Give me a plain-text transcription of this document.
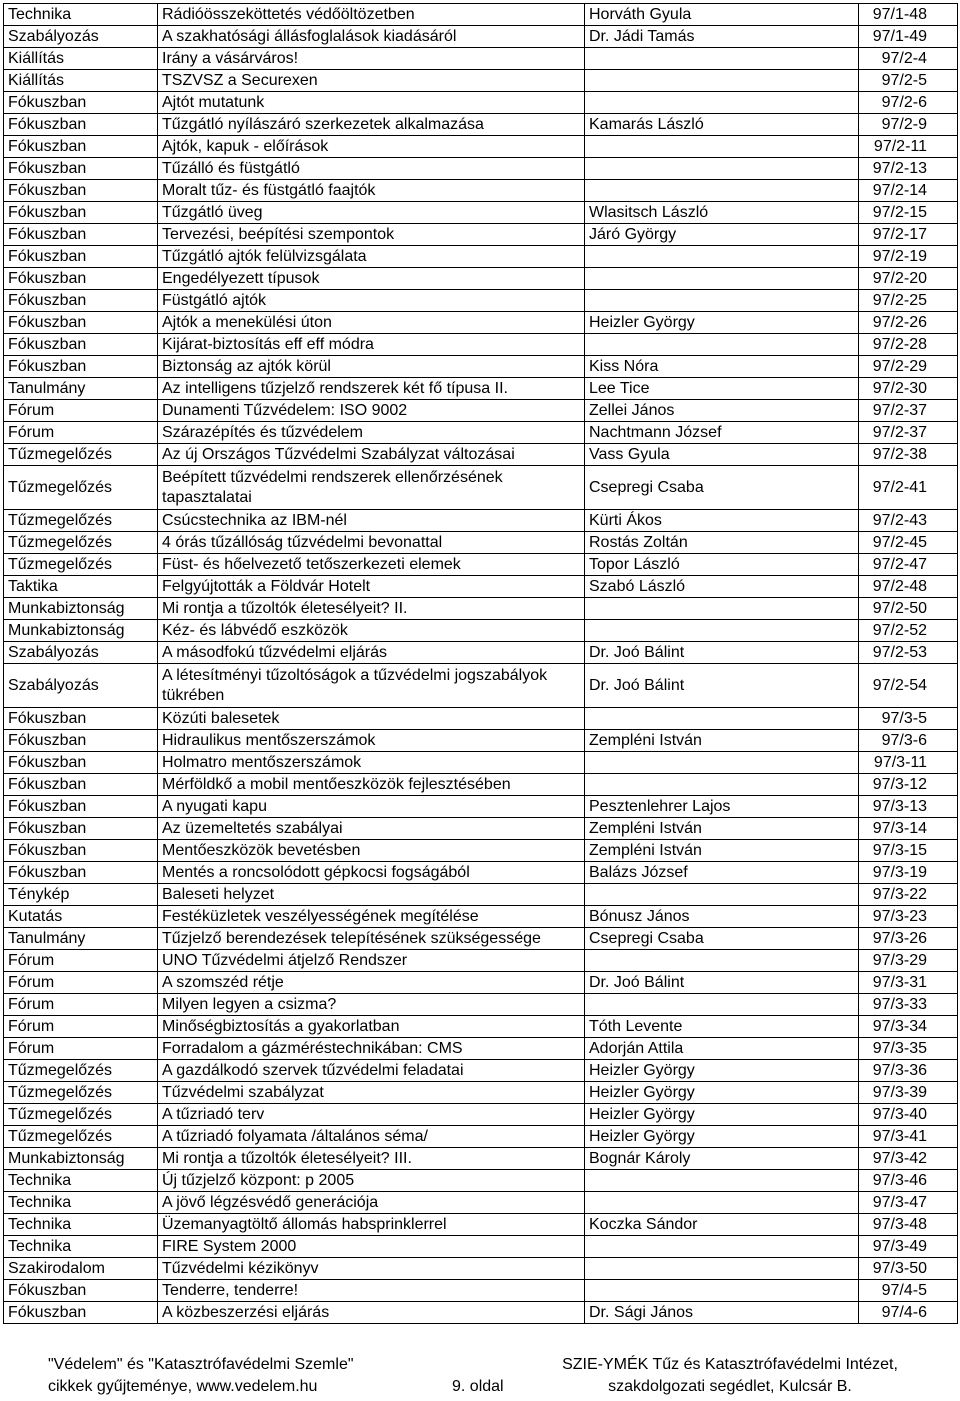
Technika	Rádióösszeköttetés védőöltözetben	Horváth Gyula	97/1-48
Szabályozás	A szakhatósági állásfoglalások kiadásáról	Dr. Jádi Tamás	97/1-49
Kiállítás	Irány a vásárváros!		97/2-4
Kiállítás	TSZVSZ a Securexen		97/2-5
Fókuszban	Ajtót mutatunk		97/2-6
Fókuszban	Tűzgátló nyílászáró szerkezetek alkalmazása	Kamarás László	97/2-9
Fókuszban	Ajtók, kapuk - előírások		97/2-11
Fókuszban	Tűzálló és füstgátló		97/2-13
Fókuszban	Moralt tűz- és füstgátló faajtók		97/2-14
Fókuszban	Tűzgátló üveg	Wlasitsch László	97/2-15
Fókuszban	Tervezési, beépítési szempontok	Járó György	97/2-17
Fókuszban	Tűzgátló ajtók felülvizsgálata		97/2-19
Fókuszban	Engedélyezett típusok		97/2-20
Fókuszban	Füstgátló ajtók		97/2-25
Fókuszban	Ajtók a menekülési úton	Heizler György	97/2-26
Fókuszban	Kijárat-biztosítás eff eff módra		97/2-28
Fókuszban	Biztonság az ajtók körül	Kiss Nóra	97/2-29
Tanulmány	Az intelligens tűzjelző rendszerek két fő típusa II.	Lee Tice	97/2-30
Fórum	Dunamenti Tűzvédelem: ISO 9002	Zellei János	97/2-37
Fórum	Szárazépítés és tűzvédelem	Nachtmann József	97/2-37
Tűzmegelőzés	Az új Országos Tűzvédelmi Szabályzat változásai	Vass Gyula	97/2-38
Tűzmegelőzés	Beépített tűzvédelmi rendszerek ellenőrzésének tapasztalatai	Csepregi Csaba	97/2-41
Tűzmegelőzés	Csúcstechnika az IBM-nél	Kürti Ákos	97/2-43
Tűzmegelőzés	4 órás tűzállóság tűzvédelmi bevonattal	Rostás Zoltán	97/2-45
Tűzmegelőzés	Füst- és hőelvezető tetőszerkezeti elemek	Topor László	97/2-47
Taktika	Felgyújtották a Földvár Hotelt	Szabó László	97/2-48
Munkabiztonság	Mi rontja a tűzoltók életesélyeit? II.		97/2-50
Munkabiztonság	Kéz- és lábvédő eszközök		97/2-52
Szabályozás	A másodfokú tűzvédelmi eljárás	Dr. Joó Bálint	97/2-53
Szabályozás	A létesítményi tűzoltóságok a tűzvédelmi jogszabályok tükrében	Dr. Joó Bálint	97/2-54
Fókuszban	Közúti balesetek		97/3-5
Fókuszban	Hidraulikus mentőszerszámok	Zempléni István	97/3-6
Fókuszban	Holmatro mentőszerszámok		97/3-11
Fókuszban	Mérföldkő a mobil mentőeszközök fejlesztésében		97/3-12
Fókuszban	A nyugati kapu	Pesztenlehrer Lajos	97/3-13
Fókuszban	Az üzemeltetés szabályai	Zempléni István	97/3-14
Fókuszban	Mentőeszközök bevetésben	Zempléni István	97/3-15
Fókuszban	Mentés a roncsolódott gépkocsi fogságából	Balázs József	97/3-19
Ténykép	Baleseti helyzet		97/3-22
Kutatás	Festéküzletek veszélyességének megítélése	Bónusz János	97/3-23
Tanulmány	Tűzjelző berendezések telepítésének szükségessége	Csepregi Csaba	97/3-26
Fórum	UNO Tűzvédelmi átjelző Rendszer		97/3-29
Fórum	A szomszéd rétje	Dr. Joó Bálint	97/3-31
Fórum	Milyen legyen a csizma?		97/3-33
Fórum	Minőségbiztosítás a gyakorlatban	Tóth Levente	97/3-34
Fórum	Forradalom a gázméréstechnikában: CMS	Adorján Attila	97/3-35
Tűzmegelőzés	A gazdálkodó szervek tűzvédelmi feladatai	Heizler György	97/3-36
Tűzmegelőzés	Tűzvédelmi szabályzat	Heizler György	97/3-39
Tűzmegelőzés	A tűzriadó terv	Heizler György	97/3-40
Tűzmegelőzés	A tűzriadó folyamata /általános séma/	Heizler György	97/3-41
Munkabiztonság	Mi rontja a tűzoltók életesélyeit? III.	Bognár Károly	97/3-42
Technika	Új tűzjelző központ: p 2005		97/3-46
Technika	A jövő légzésvédő generációja		97/3-47
Technika	Üzemanyagtöltő állomás habsprinklerrel	Koczka Sándor	97/3-48
Technika	FIRE System 2000		97/3-49
Szakirodalom	Tűzvédelmi kézikönyv		97/3-50
Fókuszban	Tenderre, tenderre!		97/4-5
Fókuszban	A közbeszerzési eljárás	Dr. Sági János	97/4-6
"Védelem" és "Katasztrófavédelmi Szemle"
cikkek gyűjteménye, www.vedelem.hu	9. oldal
SZIE-YMÉK Tűz és Katasztrófavédelmi Intézet,
szakdolgozati segédlet, Kulcsár B.
